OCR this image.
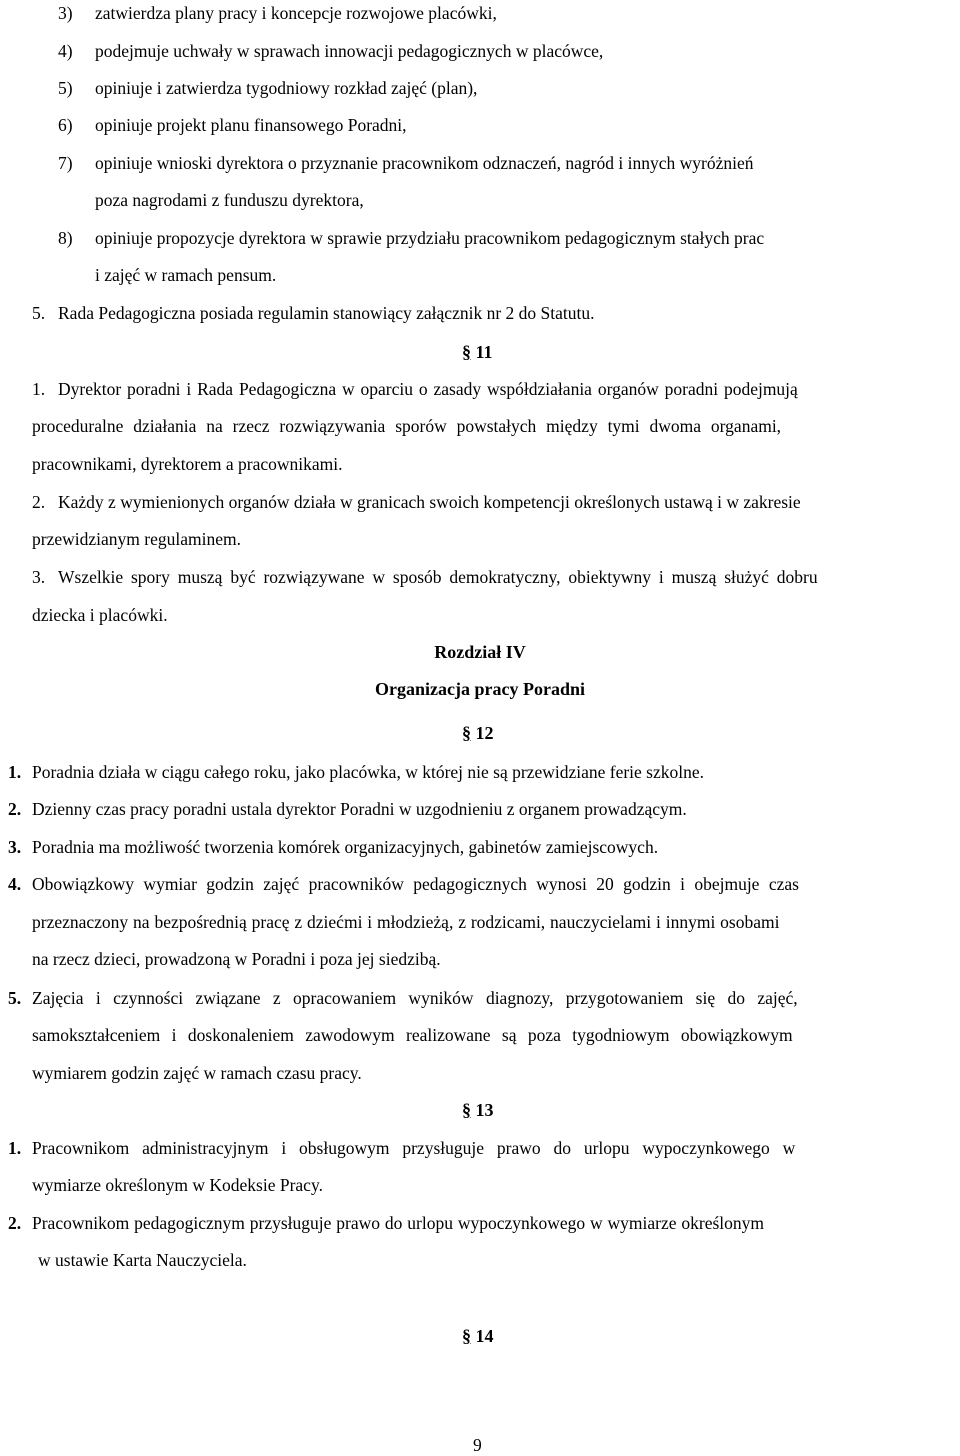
3) zatwierdza plany pracy i koncepcje rozwojowe placówki,
4) podejmuje uchwały w sprawach innowacji pedagogicznych w placówce,
5) opiniuje i zatwierdza tygodniowy rozkład zajęć (plan),
6) opiniuje projekt planu finansowego Poradni,
7) opiniuje wnioski dyrektora o przyznanie pracownikom odznaczeń, nagród i innych wyróżnień
poza nagrodami z funduszu dyrektora,
8) opiniuje propozycje dyrektora w sprawie przydziału pracownikom pedagogicznym stałych prac
i zajęć w ramach pensum.
5. Rada Pedagogiczna posiada regulamin stanowiący załącznik nr 2 do Statutu.
§ 11
1. Dyrektor poradni i Rada Pedagogiczna w oparciu o zasady współdziałania organów poradni podejmują
proceduralne działania na rzecz rozwiązywania sporów powstałych między tymi dwoma organami,
pracownikami, dyrektorem a pracownikami.
2. Każdy z wymienionych organów działa w granicach swoich kompetencji określonych ustawą i w zakresie
przewidzianym regulaminem.
3. Wszelkie spory muszą być rozwiązywane w sposób demokratyczny, obiektywny i muszą służyć dobru
dziecka i placówki.
Rozdział IV
Organizacja pracy Poradni
§ 12
1. Poradnia działa w ciągu całego roku, jako placówka, w której nie są przewidziane ferie szkolne.
2. Dzienny czas pracy poradni ustala dyrektor Poradni w uzgodnieniu z organem prowadzącym.
3. Poradnia ma możliwość tworzenia komórek organizacyjnych, gabinetów zamiejscowych.
4. Obowiązkowy wymiar godzin zajęć pracowników pedagogicznych wynosi 20 godzin i obejmuje czas
przeznaczony na bezpośrednią pracę z dziećmi i młodzieżą, z rodzicami, nauczycielami i innymi osobami
na rzecz dzieci, prowadzoną w Poradni i poza jej siedzibą.
5. Zajęcia i czynności związane z opracowaniem wyników diagnozy, przygotowaniem się do zajęć,
samokształceniem i doskonaleniem zawodowym realizowane są poza tygodniowym obowiązkowym
wymiarem godzin zajęć w ramach czasu pracy.
§ 13
1. Pracownikom administracyjnym i obsługowym przysługuje prawo do urlopu wypoczynkowego w
wymiarze określonym w Kodeksie Pracy.
2. Pracownikom pedagogicznym przysługuje prawo do urlopu wypoczynkowego w wymiarze określonym
w ustawie Karta Nauczyciela.
§ 14
9
